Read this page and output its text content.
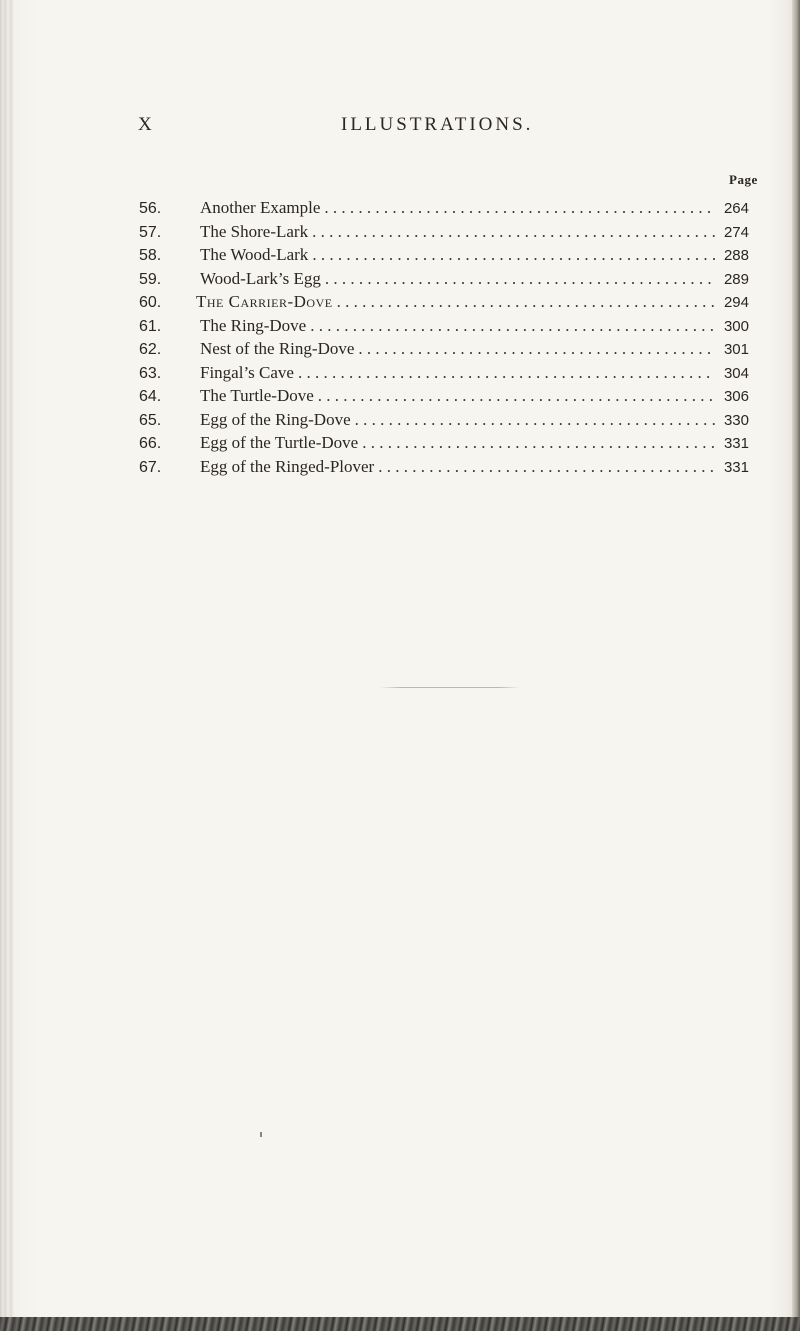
X	ILLUSTRATIONS.
Page
56.	Another Example . . .	264
57.	The Shore-Lark . . .	274
58.	The Wood-Lark . . .	288
59.	Wood-Lark’s Egg . . .	289
60.	The Carrier-Dove . . .	294
61.	The Ring-Dove . . .	300
62.	Nest of the Ring-Dove . . .	301
63.	Fingal’s Cave . . .	304
64.	The Turtle-Dove . . .	306
65.	Egg of the Ring-Dove . . .	330
66.	Egg of the Turtle-Dove . . .	331
67.	Egg of the Ringed-Plover . . .	331
